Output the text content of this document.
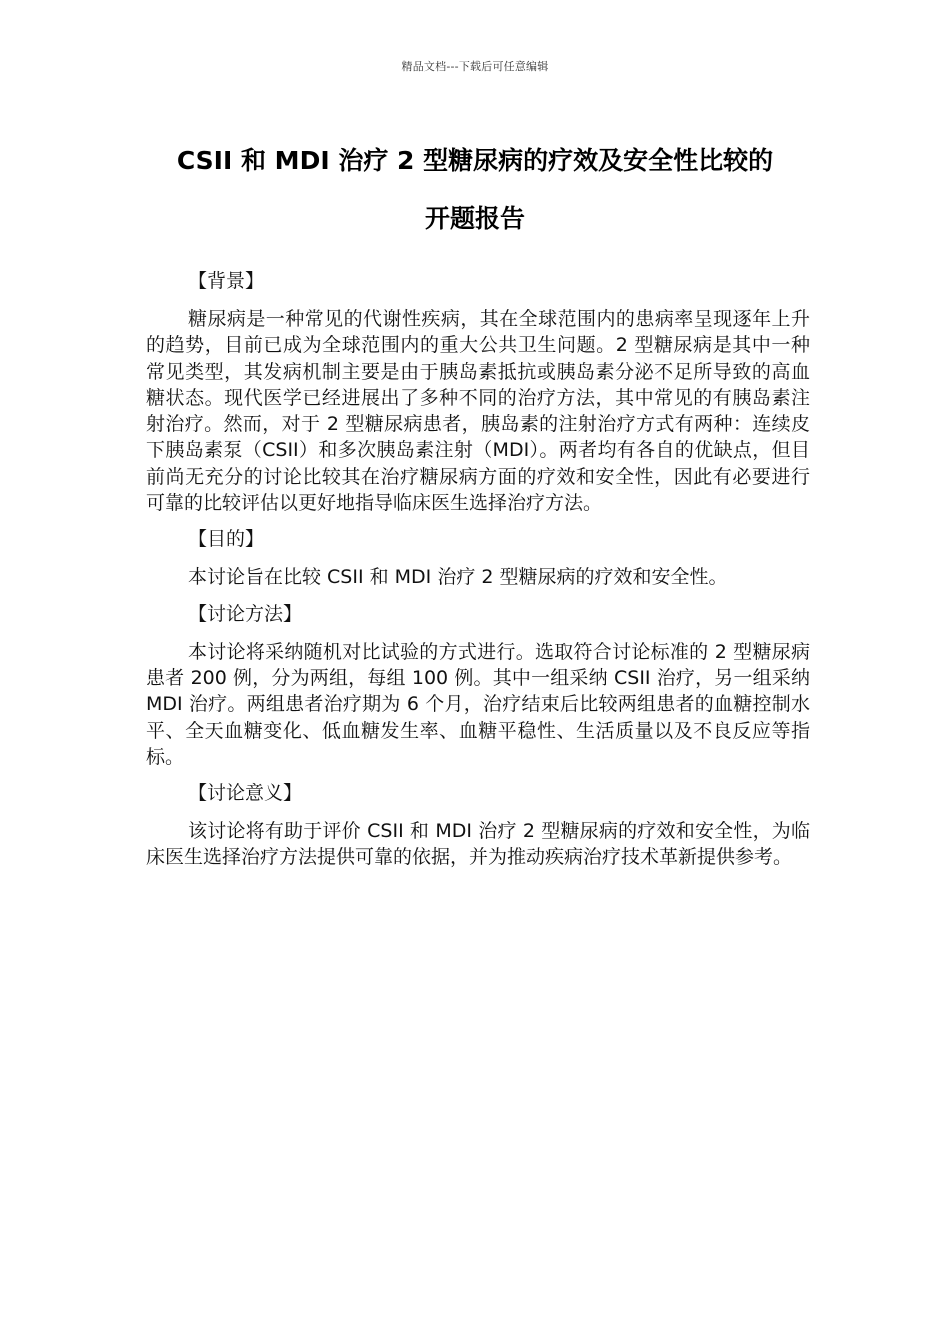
精品文档---下载后可任意编辑
CSII 和 MDI 治疗 2 型糖尿病的疗效及安全性比较的
开题报告
【背景】

糖尿病是一种常见的代谢性疾病，其在全球范围内的患病率呈现逐年上升的趋势，目前已成为全球范围内的重大公共卫生问题。2 型糖尿病是其中一种常见类型，其发病机制主要是由于胰岛素抵抗或胰岛素分泌不足所导致的高血糖状态。现代医学已经进展出了多种不同的治疗方法，其中常见的有胰岛素注射治疗。然而，对于 2 型糖尿病患者，胰岛素的注射治疗方式有两种：连续皮下胰岛素泵（CSII）和多次胰岛素注射（MDI）。两者均有各自的优缺点，但目前尚无充分的讨论比较其在治疗糖尿病方面的疗效和安全性，因此有必要进行可靠的比较评估以更好地指导临床医生选择治疗方法。

【目的】

本讨论旨在比较 CSII 和 MDI 治疗 2 型糖尿病的疗效和安全性。

【讨论方法】

本讨论将采纳随机对比试验的方式进行。选取符合讨论标准的 2 型糖尿病患者 200 例，分为两组，每组 100 例。其中一组采纳 CSII 治疗，另一组采纳 MDI 治疗。两组患者治疗期为 6 个月，治疗结束后比较两组患者的血糖控制水平、全天血糖变化、低血糖发生率、血糖平稳性、生活质量以及不良反应等指标。

【讨论意义】

该讨论将有助于评价 CSII 和 MDI 治疗 2 型糖尿病的疗效和安全性，为临床医生选择治疗方法提供可靠的依据，并为推动疾病治疗技术革新提供参考。
